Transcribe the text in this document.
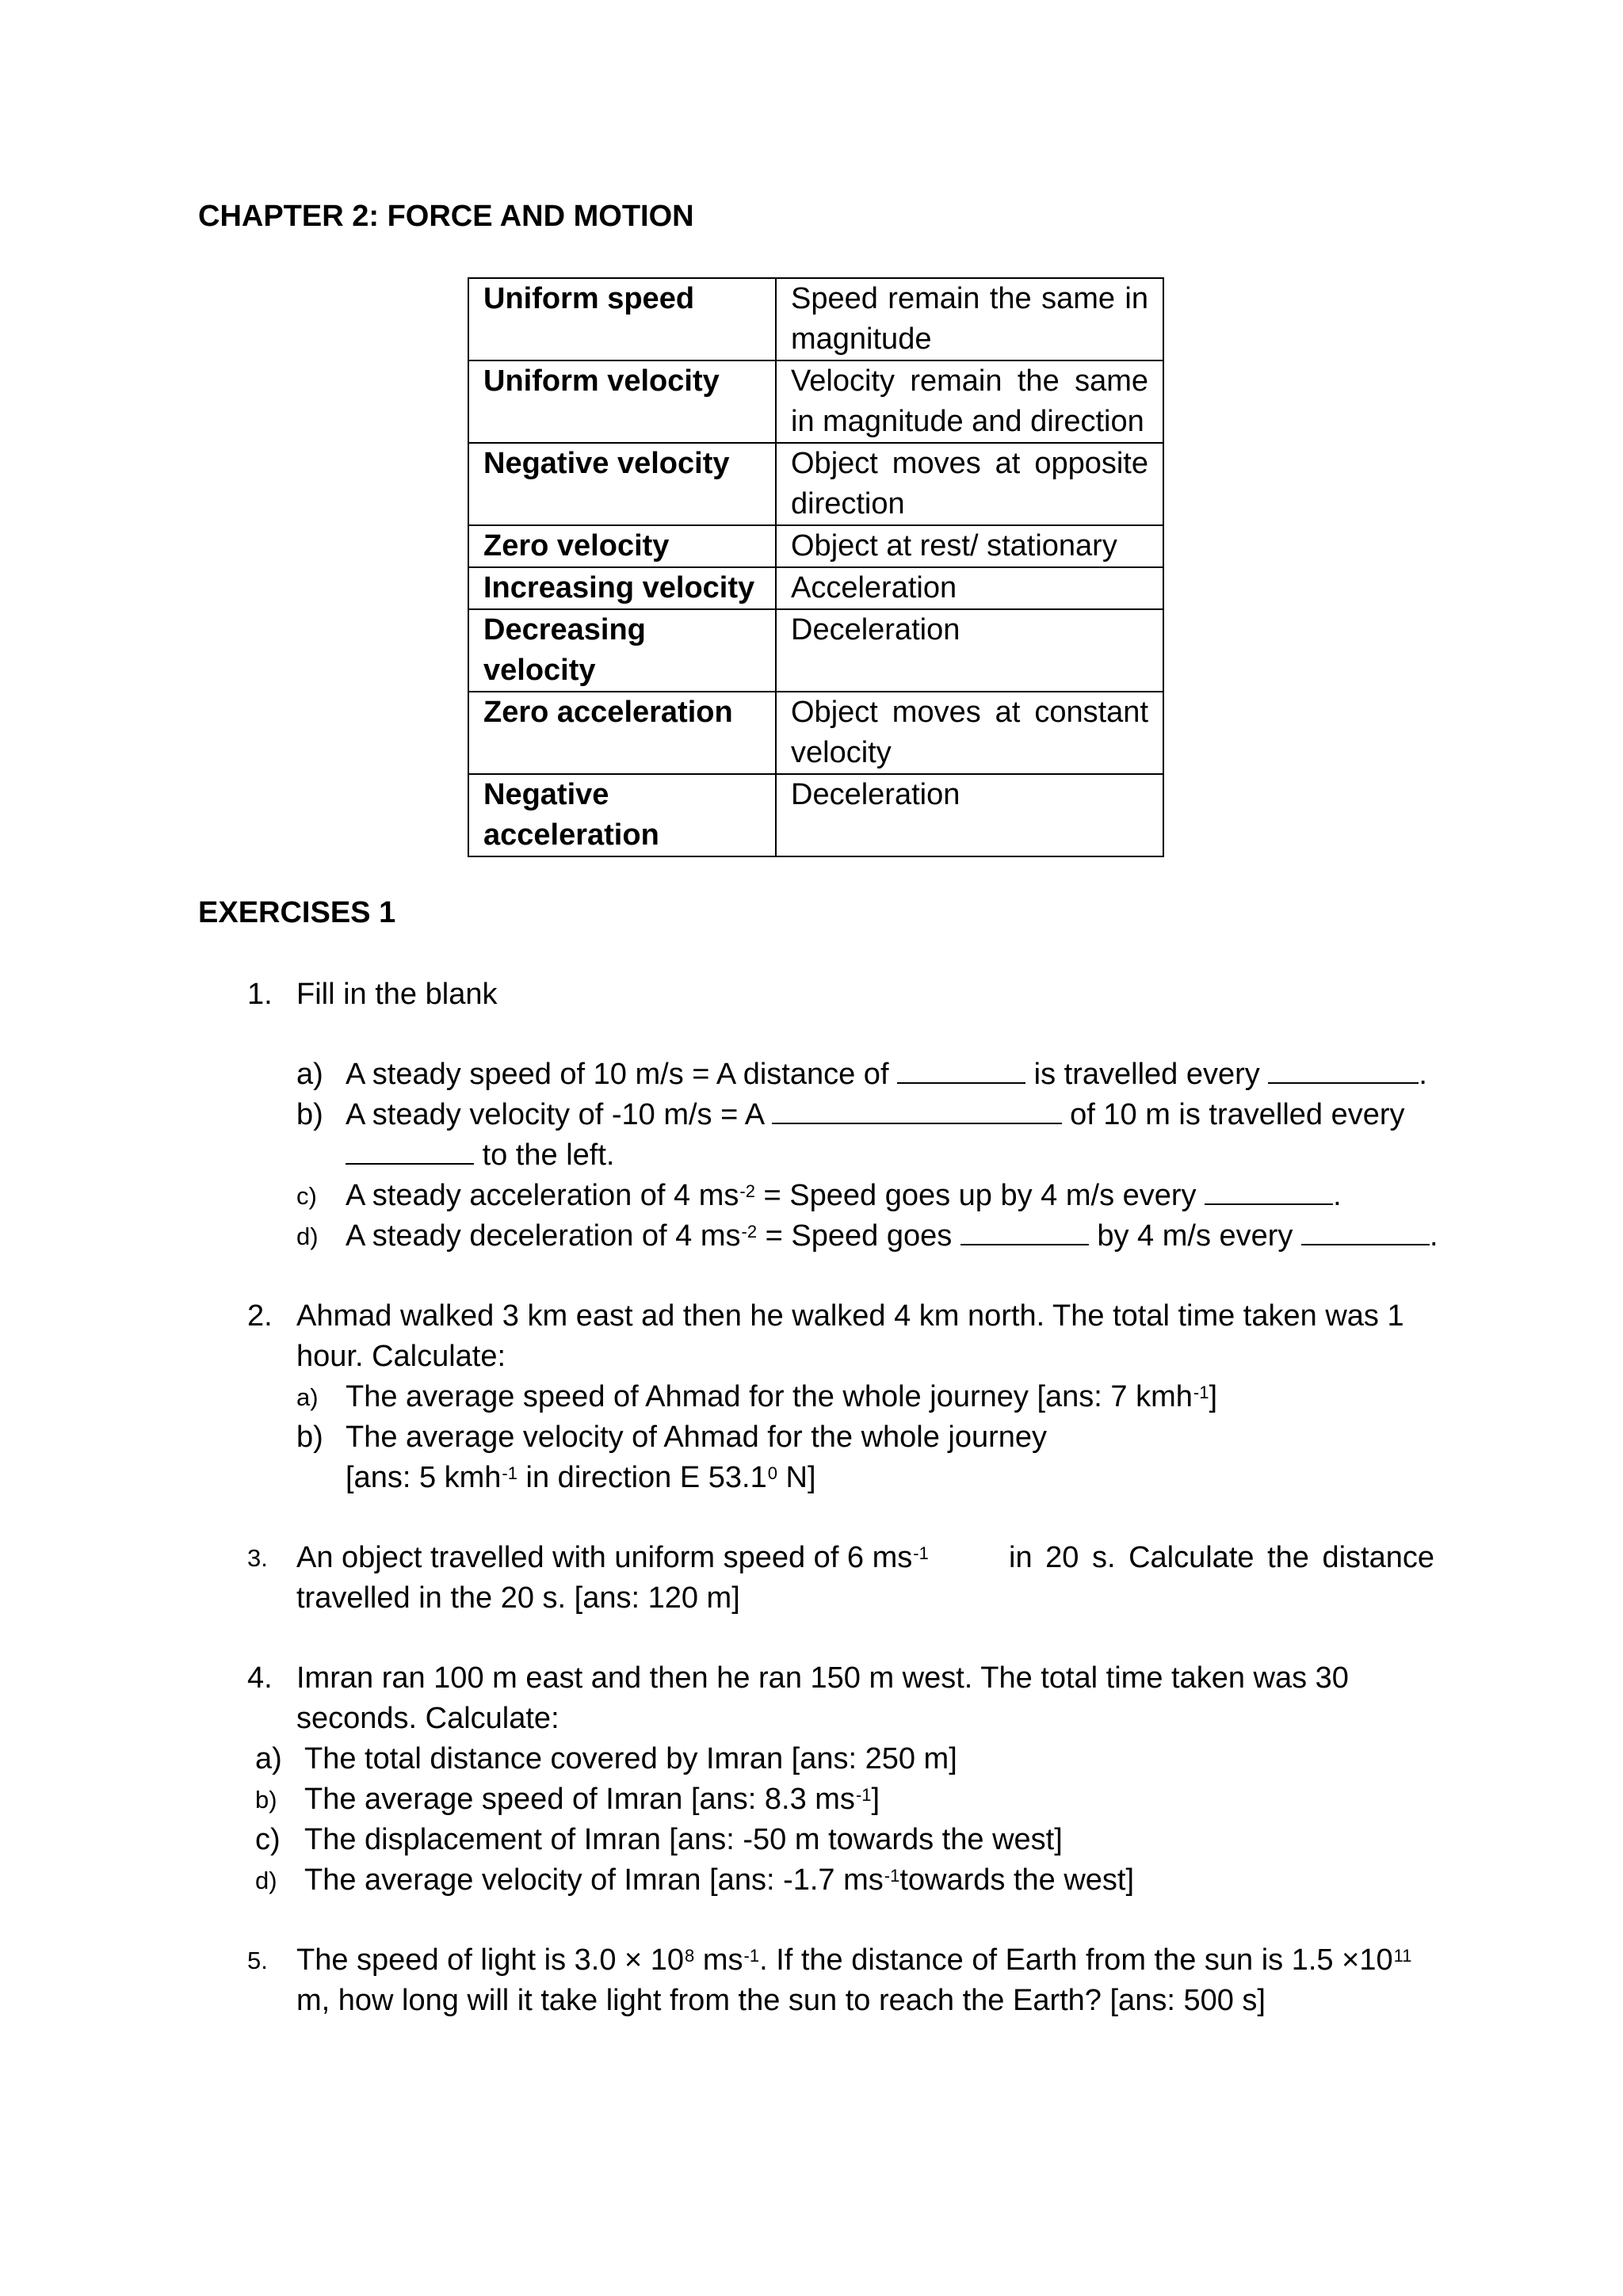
CHAPTER 2: FORCE AND MOTION
Uniform speed	Speed remain the same in magnitude
Uniform velocity	Velocity remain the same in magnitude and direction
Negative velocity	Object moves at opposite direction
Zero velocity	Object at rest/ stationary
Increasing velocity	Acceleration
Decreasing velocity	Deceleration
Zero acceleration	Object moves at constant velocity

Negative acceleration	Deceleration
EXERCISES 1
1. Fill in the blank
a) A steady speed of 10 m/s = A distance of	is travelled every	.
b) A steady velocity of -10 m/s = A	of 10 m is travelled every
to the left.
c) A steady acceleration of 4 $ms^{-2}$ = Speed goes up by 4 m/s every	.
d) A steady deceleration of 4 $ms^{-2}$ = Speed goes	by 4 m/s every	.
2. Ahmad walked 3 km east ad then he walked 4 km north. The total time taken was 1
hour. Calculate:
a) The average speed of Ahmad for the whole journey [ans: 7 kmh$^{-1}$]
b) The average velocity of Ahmad for the whole journey
[ans: 5 kmh$^{-1}$ in direction E 53.1$^0$ N]
3. An object travelled with uniform speed of 6 $ms^{-1}$	in 20 s. Calculate the distance
travelled in the 20 s. [ans: 120 m]
4. Imran ran 100 m east and then he ran 150 m west. The total time taken was 30
seconds. Calculate:
a) The total distance covered by Imran [ans: 250 m]
b) The average speed of Imran [ans: 8.3 $ms^{-1}$]
c) The displacement of Imran [ans: -50 m towards the west]
d) The average velocity of Imran [ans: -1.7 $ms^{-1}towards$ the west]
5. The speed of light is $3.0 \times 10^8$ $ms^{-1}$. If the distance of Earth from the sun is $1.5 \times 10^{11}$
m, how long will it take light from the sun to reach the Earth? [ans: 500 s]
